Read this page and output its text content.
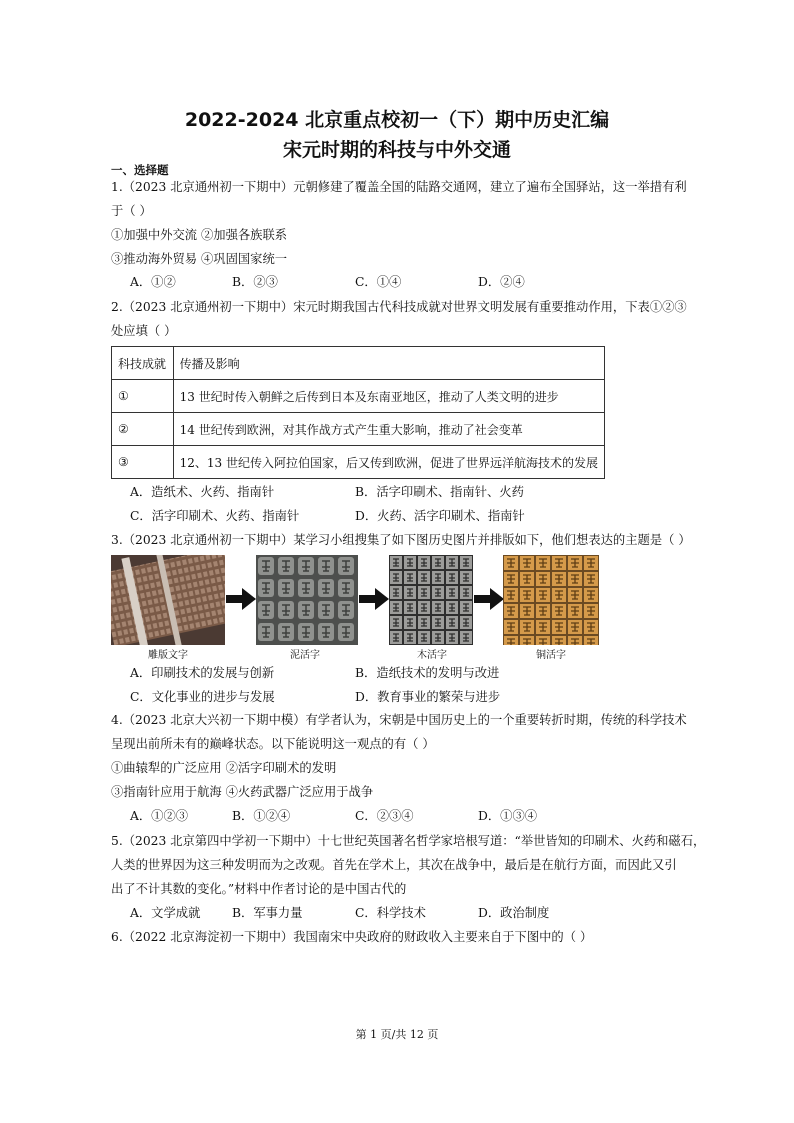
2022-2024 北京重点校初一（下）期中历史汇编
宋元时期的科技与中外交通
一、选择题
1.（2023 北京通州初一下期中）元朝修建了覆盖全国的陆路交通网，建立了遍布全国驿站，这一举措有利
于（ ）
①加强中外交流 ②加强各族联系
③推动海外贸易 ④巩固国家统一
A．①②	B．②③	C．①④	D．②④
2.（2023 北京通州初一下期中）宋元时期我国古代科技成就对世界文明发展有重要推动作用，下表①②③
处应填（ ）
科技成就	传播及影响
①	13 世纪时传入朝鲜之后传到日本及东南亚地区，推动了人类文明的进步
②	14 世纪传到欧洲，对其作战方式产生重大影响，推动了社会变革
③	12、13 世纪传入阿拉伯国家，后又传到欧洲，促进了世界远洋航海技术的发展
A．造纸术、火药、指南针	B．活字印刷术、指南针、火药
C．活字印刷术、火药、指南针	D．火药、活字印刷术、指南针
3.（2023 北京通州初一下期中）某学习小组搜集了如下图历史图片并排版如下，他们想表达的主题是（ ）
雕版文字	泥活字	木活字	铜活字
A．印刷技术的发展与创新	B．造纸技术的发明与改进
C．文化事业的进步与发展	D．教育事业的繁荣与进步
4.（2023 北京大兴初一下期中模）有学者认为，宋朝是中国历史上的一个重要转折时期，传统的科学技术
呈现出前所未有的巅峰状态。以下能说明这一观点的有（ ）
①曲辕犁的广泛应用 ②活字印刷术的发明
③指南针应用于航海 ④火药武器广泛应用于战争
A．①②③	B．①②④	C．②③④	D．①③④
5.（2023 北京第四中学初一下期中）十七世纪英国著名哲学家培根写道：“举世皆知的印刷术、火药和磁石，
人类的世界因为这三种发明而为之改观。首先在学术上，其次在战争中，最后是在航行方面，而因此又引
出了不计其数的变化。”材料中作者讨论的是中国古代的
A．文学成就	B．军事力量	C．科学技术	D．政治制度
6.（2022 北京海淀初一下期中）我国南宋中央政府的财政收入主要来自于下图中的（ ）
第 1 页/共 12 页
